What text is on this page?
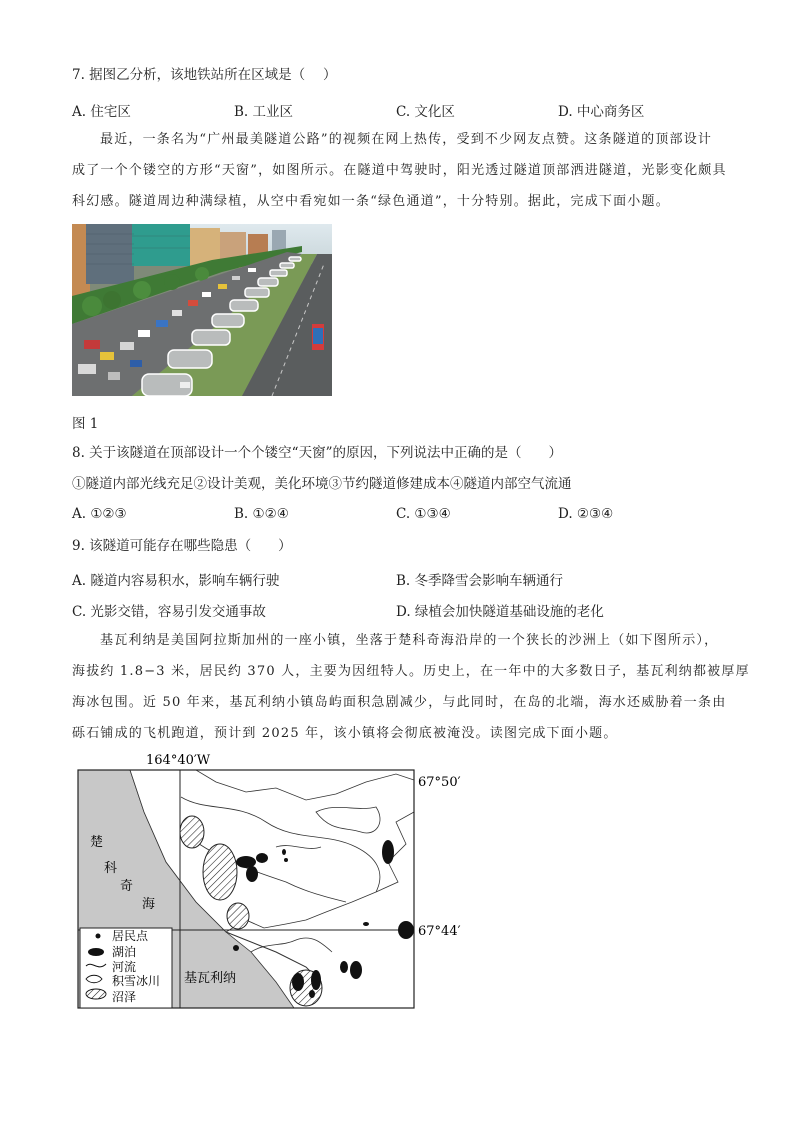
7. 据图乙分析，该地铁站所在区域是（　 ）
A. 住宅区	B. 工业区	C. 文化区	D. 中心商务区
最近，一条名为“广州最美隧道公路”的视频在网上热传，受到不少网友点赞。这条隧道的顶部设计
成了一个个镂空的方形“天窗”，如图所示。在隧道中驾驶时，阳光透过隧道顶部洒进隧道，光影变化颇具
科幻感。隧道周边种满绿植，从空中看宛如一条“绿色通道”，十分特别。据此，完成下面小题。
图 1
8. 关于该隧道在顶部设计一个个镂空“天窗”的原因，下列说法中正确的是（　　）
①隧道内部光线充足②设计美观，美化环境③节约隧道修建成本④隧道内部空气流通
A. ①②③	B. ①②④	C. ①③④	D. ②③④
9. 该隧道可能存在哪些隐患（　　）
A. 隧道内容易积水，影响车辆行驶	B. 冬季降雪会影响车辆通行
C. 光影交错，容易引发交通事故	D. 绿植会加快隧道基础设施的老化
基瓦利纳是美国阿拉斯加州的一座小镇，坐落于楚科奇海沿岸的一个狭长的沙洲上（如下图所示），
海拔约 1.8−3 米，居民约 370 人，主要为因纽特人。历史上，在一年中的大多数日子，基瓦利纳都被厚厚
海冰包围。近 50 年来，基瓦利纳小镇岛屿面积急剧减少，与此同时，在岛的北端，海水还威胁着一条由
砾石铺成的飞机跑道，预计到 2025 年，该小镇将会彻底被淹没。读图完成下面小题。
164°40′W
67°50′
67°44′
楚
科
奇
海
基瓦利纳
居民点
湖泊
河流
积雪冰川
沼泽
